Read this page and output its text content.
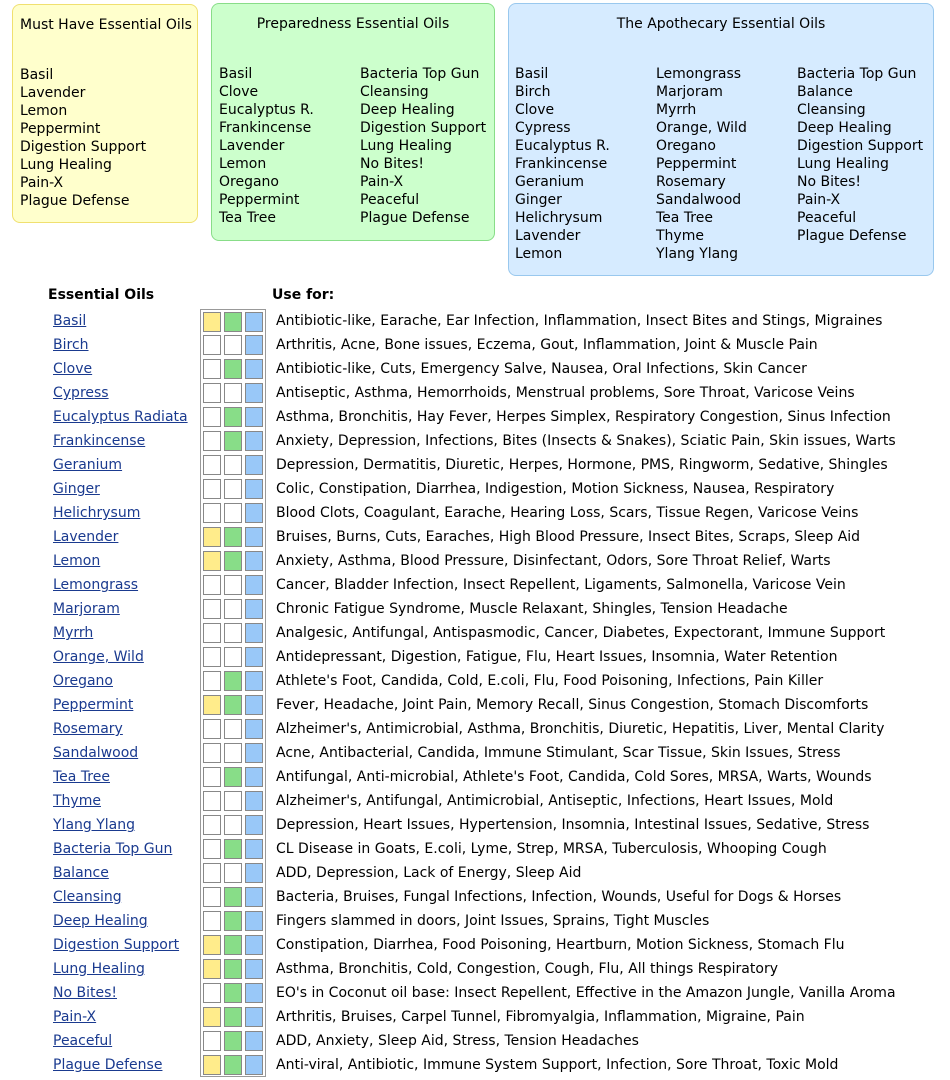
Must Have Essential Oils
Basil
Lavender
Lemon
Peppermint
Digestion Support
Lung Healing
Pain-X
Plague Defense
Preparedness Essential Oils
Basil
Clove
Eucalyptus R.
Frankincense
Lavender
Lemon
Oregano
Peppermint
Tea Tree
Bacteria Top Gun
Cleansing
Deep Healing
Digestion Support
Lung Healing
No Bites!
Pain-X
Peaceful
Plague Defense
The Apothecary Essential Oils
Basil
Birch
Clove
Cypress
Eucalyptus R.
Frankincense
Geranium
Ginger
Helichrysum
Lavender
Lemon
Lemongrass
Marjoram
Myrrh
Orange, Wild
Oregano
Peppermint
Rosemary
Sandalwood
Tea Tree
Thyme
Ylang Ylang
Bacteria Top Gun
Balance
Cleansing
Deep Healing
Digestion Support
Lung Healing
No Bites!
Pain-X
Peaceful
Plague Defense
Essential Oils	Use for:
Basil	Antibiotic-like, Earache, Ear Infection, Inflammation, Insect Bites and Stings, Migraines
Birch	Arthritis, Acne, Bone issues, Eczema, Gout, Inflammation, Joint & Muscle Pain
Clove	Antibiotic-like, Cuts, Emergency Salve, Nausea, Oral Infections, Skin Cancer
Cypress	Antiseptic, Asthma, Hemorrhoids, Menstrual problems, Sore Throat, Varicose Veins
Eucalyptus Radiata	Asthma, Bronchitis, Hay Fever, Herpes Simplex, Respiratory Congestion, Sinus Infection
Frankincense	Anxiety, Depression, Infections, Bites (Insects & Snakes), Sciatic Pain, Skin issues, Warts
Geranium	Depression, Dermatitis, Diuretic, Herpes, Hormone, PMS, Ringworm, Sedative, Shingles
Ginger	Colic, Constipation, Diarrhea, Indigestion, Motion Sickness, Nausea, Respiratory
Helichrysum	Blood Clots, Coagulant, Earache, Hearing Loss, Scars, Tissue Regen, Varicose Veins
Lavender	Bruises, Burns, Cuts, Earaches, High Blood Pressure, Insect Bites, Scraps, Sleep Aid
Lemon	Anxiety, Asthma, Blood Pressure, Disinfectant, Odors, Sore Throat Relief, Warts
Lemongrass	Cancer, Bladder Infection, Insect Repellent, Ligaments, Salmonella, Varicose Vein
Marjoram	Chronic Fatigue Syndrome, Muscle Relaxant, Shingles, Tension Headache
Myrrh	Analgesic, Antifungal, Antispasmodic, Cancer, Diabetes, Expectorant, Immune Support
Orange, Wild	Antidepressant, Digestion, Fatigue, Flu, Heart Issues, Insomnia, Water Retention
Oregano	Athlete's Foot, Candida, Cold, E.coli, Flu, Food Poisoning, Infections, Pain Killer
Peppermint	Fever, Headache, Joint Pain, Memory Recall, Sinus Congestion, Stomach Discomforts
Rosemary	Alzheimer's, Antimicrobial, Asthma, Bronchitis, Diuretic, Hepatitis, Liver, Mental Clarity
Sandalwood	Acne, Antibacterial, Candida, Immune Stimulant, Scar Tissue, Skin Issues, Stress
Tea Tree	Antifungal, Anti-microbial, Athlete's Foot, Candida, Cold Sores, MRSA, Warts, Wounds
Thyme	Alzheimer's, Antifungal, Antimicrobial, Antiseptic, Infections, Heart Issues, Mold
Ylang Ylang	Depression, Heart Issues, Hypertension, Insomnia, Intestinal Issues, Sedative, Stress
Bacteria Top Gun	CL Disease in Goats, E.coli, Lyme, Strep, MRSA, Tuberculosis, Whooping Cough
Balance	ADD, Depression, Lack of Energy, Sleep Aid
Cleansing	Bacteria, Bruises, Fungal Infections, Infection, Wounds, Useful for Dogs & Horses
Deep Healing	Fingers slammed in doors, Joint Issues, Sprains, Tight Muscles
Digestion Support	Constipation, Diarrhea, Food Poisoning, Heartburn, Motion Sickness, Stomach Flu
Lung Healing	Asthma, Bronchitis, Cold, Congestion, Cough, Flu, All things Respiratory
No Bites!	EO's in Coconut oil base: Insect Repellent, Effective in the Amazon Jungle, Vanilla Aroma
Pain-X	Arthritis, Bruises, Carpel Tunnel, Fibromyalgia, Inflammation, Migraine, Pain
Peaceful	ADD, Anxiety, Sleep Aid, Stress, Tension Headaches
Plague Defense	Anti-viral, Antibiotic, Immune System Support, Infection, Sore Throat, Toxic Mold
